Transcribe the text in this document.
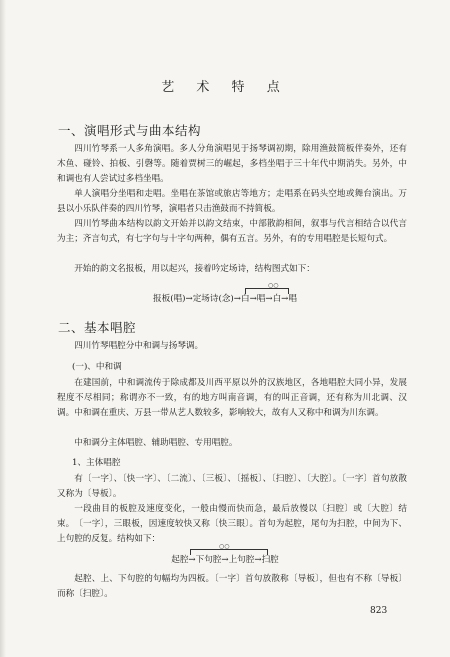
艺 术 特 点
一、演唱形式与曲本结构

四川竹琴系一人多角演唱。多人分角演唱见于扬琴调初期，除用渔鼓简板伴奏外，还有木鱼、碰铃、拍板、引磬等。随着贾树三的崛起，多档坐唱于三十年代中期消失。另外，中和调也有人尝试过多档坐唱。

单人演唱分坐唱和走唱。坐唱在茶馆或旅店等地方；走唱系在码头空地或舞台演出。万县以小乐队伴奏的四川竹琴，演唱者只击渔鼓而不持简板。

四川竹琴曲本结构以韵文开始并以韵文结束，中部散韵相间，叙事与代言相结合以代言为主；齐言句式，有七字句与十字句两种，偶有五言。另外，有的专用唱腔是长短句式。

开始的韵文名报板，用以起兴，接着吟定场诗，结构图式如下：

○○
报板(唱)→定场诗(念)→白→唱→白→唱
二、基本唱腔

四川竹琴唱腔分中和调与扬琴调。

(一)、中和调

在建国前，中和调流传于除成都及川西平原以外的汉族地区，各地唱腔大同小异，发展程度不尽相同；称谓亦不一致，有的地方叫南音调，有的叫正音调，还有称为川北调、汉调。中和调在重庆、万县一带从艺人数较多，影响较大，故有人又称中和调为川东调。

中和调分主体唱腔、辅助唱腔、专用唱腔。

1、主体唱腔

有〔一字〕、〔快一字〕、〔二流〕、〔三板〕、〔摇板〕、〔扫腔〕、〔大腔〕。〔一字〕首句放散又称为〔导板〕。

一段曲目的板腔及速度变化，一般由慢而快而急，最后放慢以〔扫腔〕或〔大腔〕结束。 〔一字〕，三眼板，因速度较快又称〔快三眼〕。首句为起腔，尾句为扫腔，中间为下、上句腔的反复。结构如下：

○○
起腔→下句腔→上句腔→扫腔

起腔、上、下句腔的句幅均为四板。〔一字〕首句放散称〔导板〕，但也有不称〔导板〕而称〔扫腔〕。

823
